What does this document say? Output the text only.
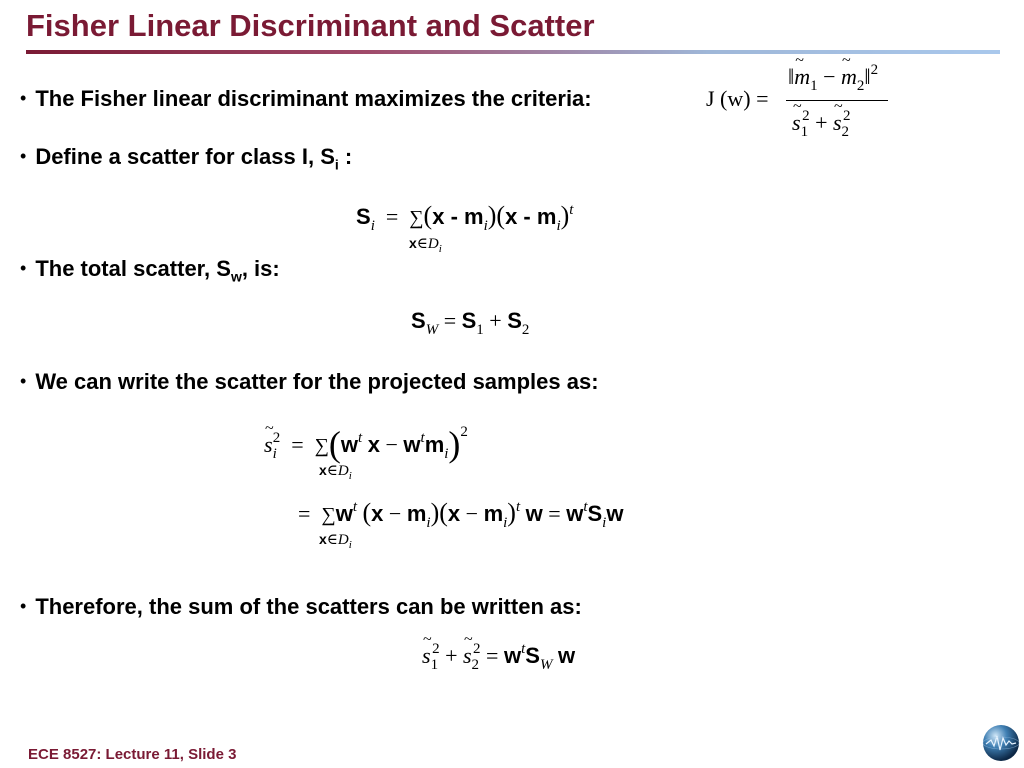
Fisher Linear Discriminant and Scatter
• The Fisher linear discriminant maximizes the criteria:	J (w) =
‖~ $m_1$ − ~ $m_2‖^2$
~ $s_1^2$ + ~ $s_2^2$
• Define a scatter for class I, $S_i$ :
$S_i = \sum(x - m_i)(x - m_i)^t$
$x\in D_i$
• The total scatter, $S_w$, is:
$S_W = S_1 + S_2$
• We can write the scatter for the projected samples as:
~ $s_i^2 = \sum(w^t$ $x - w^tm_i)^2$
$x\in D_i$
=  $\sum w^t$ $(x - m_i)(x - m_i)^t$ $w = w^tS_iw$
$x\in D_i$
• Therefore, the sum of the scatters can be written as:
~ $s_1^2$ + ~ $s_2^2 = w^tS_W$ w
ECE 8527: Lecture 11, Slide 3
